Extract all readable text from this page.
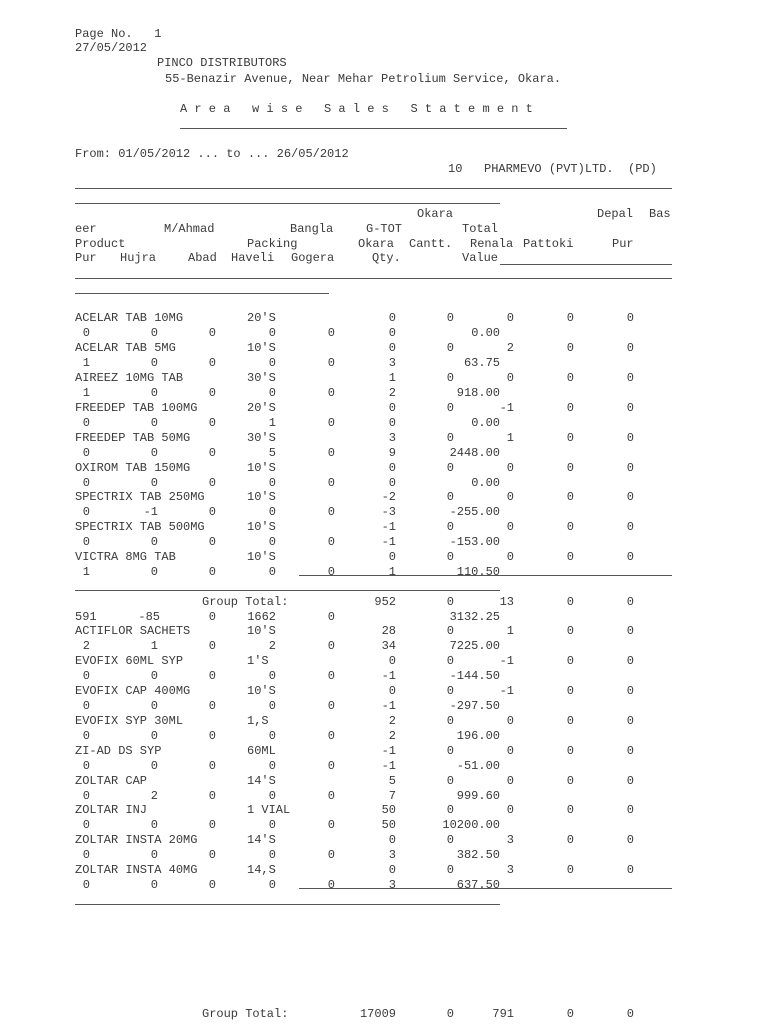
Page No.   1
27/05/2012
PINCO DISTRIBUTORS
55-Benazir Avenue, Near Mehar Petrolium Service, Okara.
A r e a   w i s e   S a l e s   S t a t e m e n t
From: 01/05/2012 ... to ... 26/05/2012
10   PHARMEVO (PVT)LTD.  (PD)
Okara	Depal Bas
eer	M/Ahmad	Bangla	G-TOT	Total
Product	Packing	Okara Cantt. Renala Pattoki	Pur
Pur Hujra	Abad Haveli Gogera	Qty.	Value
ACELAR TAB 10MG	20'S	0	0	0	0	0
0	0	0	0	0	0	0.00
ACELAR TAB 5MG	10'S	0	0	2	0	0
1	0	0	0	0	3	63.75
AIREEZ 10MG TAB	30'S	1	0	0	0	0
1	0	0	0	0	2	918.00
FREEDEP TAB 100MG	20'S	0	0	-1	0	0
0	0	0	1	0	0	0.00
FREEDEP TAB 50MG	30'S	3	0	1	0	0
0	0	0	5	0	9	2448.00
OXIROM TAB 150MG	10'S	0	0	0	0	0
0	0	0	0	0	0	0.00
SPECTRIX TAB 250MG	10'S	-2	0	0	0	0
0	-1	0	0	0	-3	-255.00
SPECTRIX TAB 500MG	10'S	-1	0	0	0	0
0	0	0	0	0	-1	-153.00
VICTRA 8MG TAB	10'S	0	0	0	0	0
1	0	0	0	0	1	110.50
Group Total:	952	0	13	0	0
591	-85	0	1662	0	3132.25
ACTIFLOR SACHETS	10'S	28	0	1	0	0
2	1	0	2	0	34	7225.00
EVOFIX 60ML SYP	1'S	0	0	-1	0	0
0	0	0	0	0	-1	-144.50
EVOFIX CAP 400MG	10'S	0	0	-1	0	0
0	0	0	0	0	-1	-297.50
EVOFIX SYP 30ML	1,S	2	0	0	0	0
0	0	0	0	0	2	196.00
ZI-AD DS SYP	60ML	-1	0	0	0	0
0	0	0	0	0	-1	-51.00
ZOLTAR CAP	14'S	5	0	0	0	0
0	2	0	0	0	7	999.60
ZOLTAR INJ	1 VIAL	50	0	0	0	0
0	0	0	0	0	50	10200.00
ZOLTAR INSTA 20MG	14'S	0	0	3	0	0
0	0	0	0	0	3	382.50
ZOLTAR INSTA 40MG	14,S	0	0	3	0	0
0	0	0	0	0	3	637.50
Group Total:	17009	0	791	0	0
